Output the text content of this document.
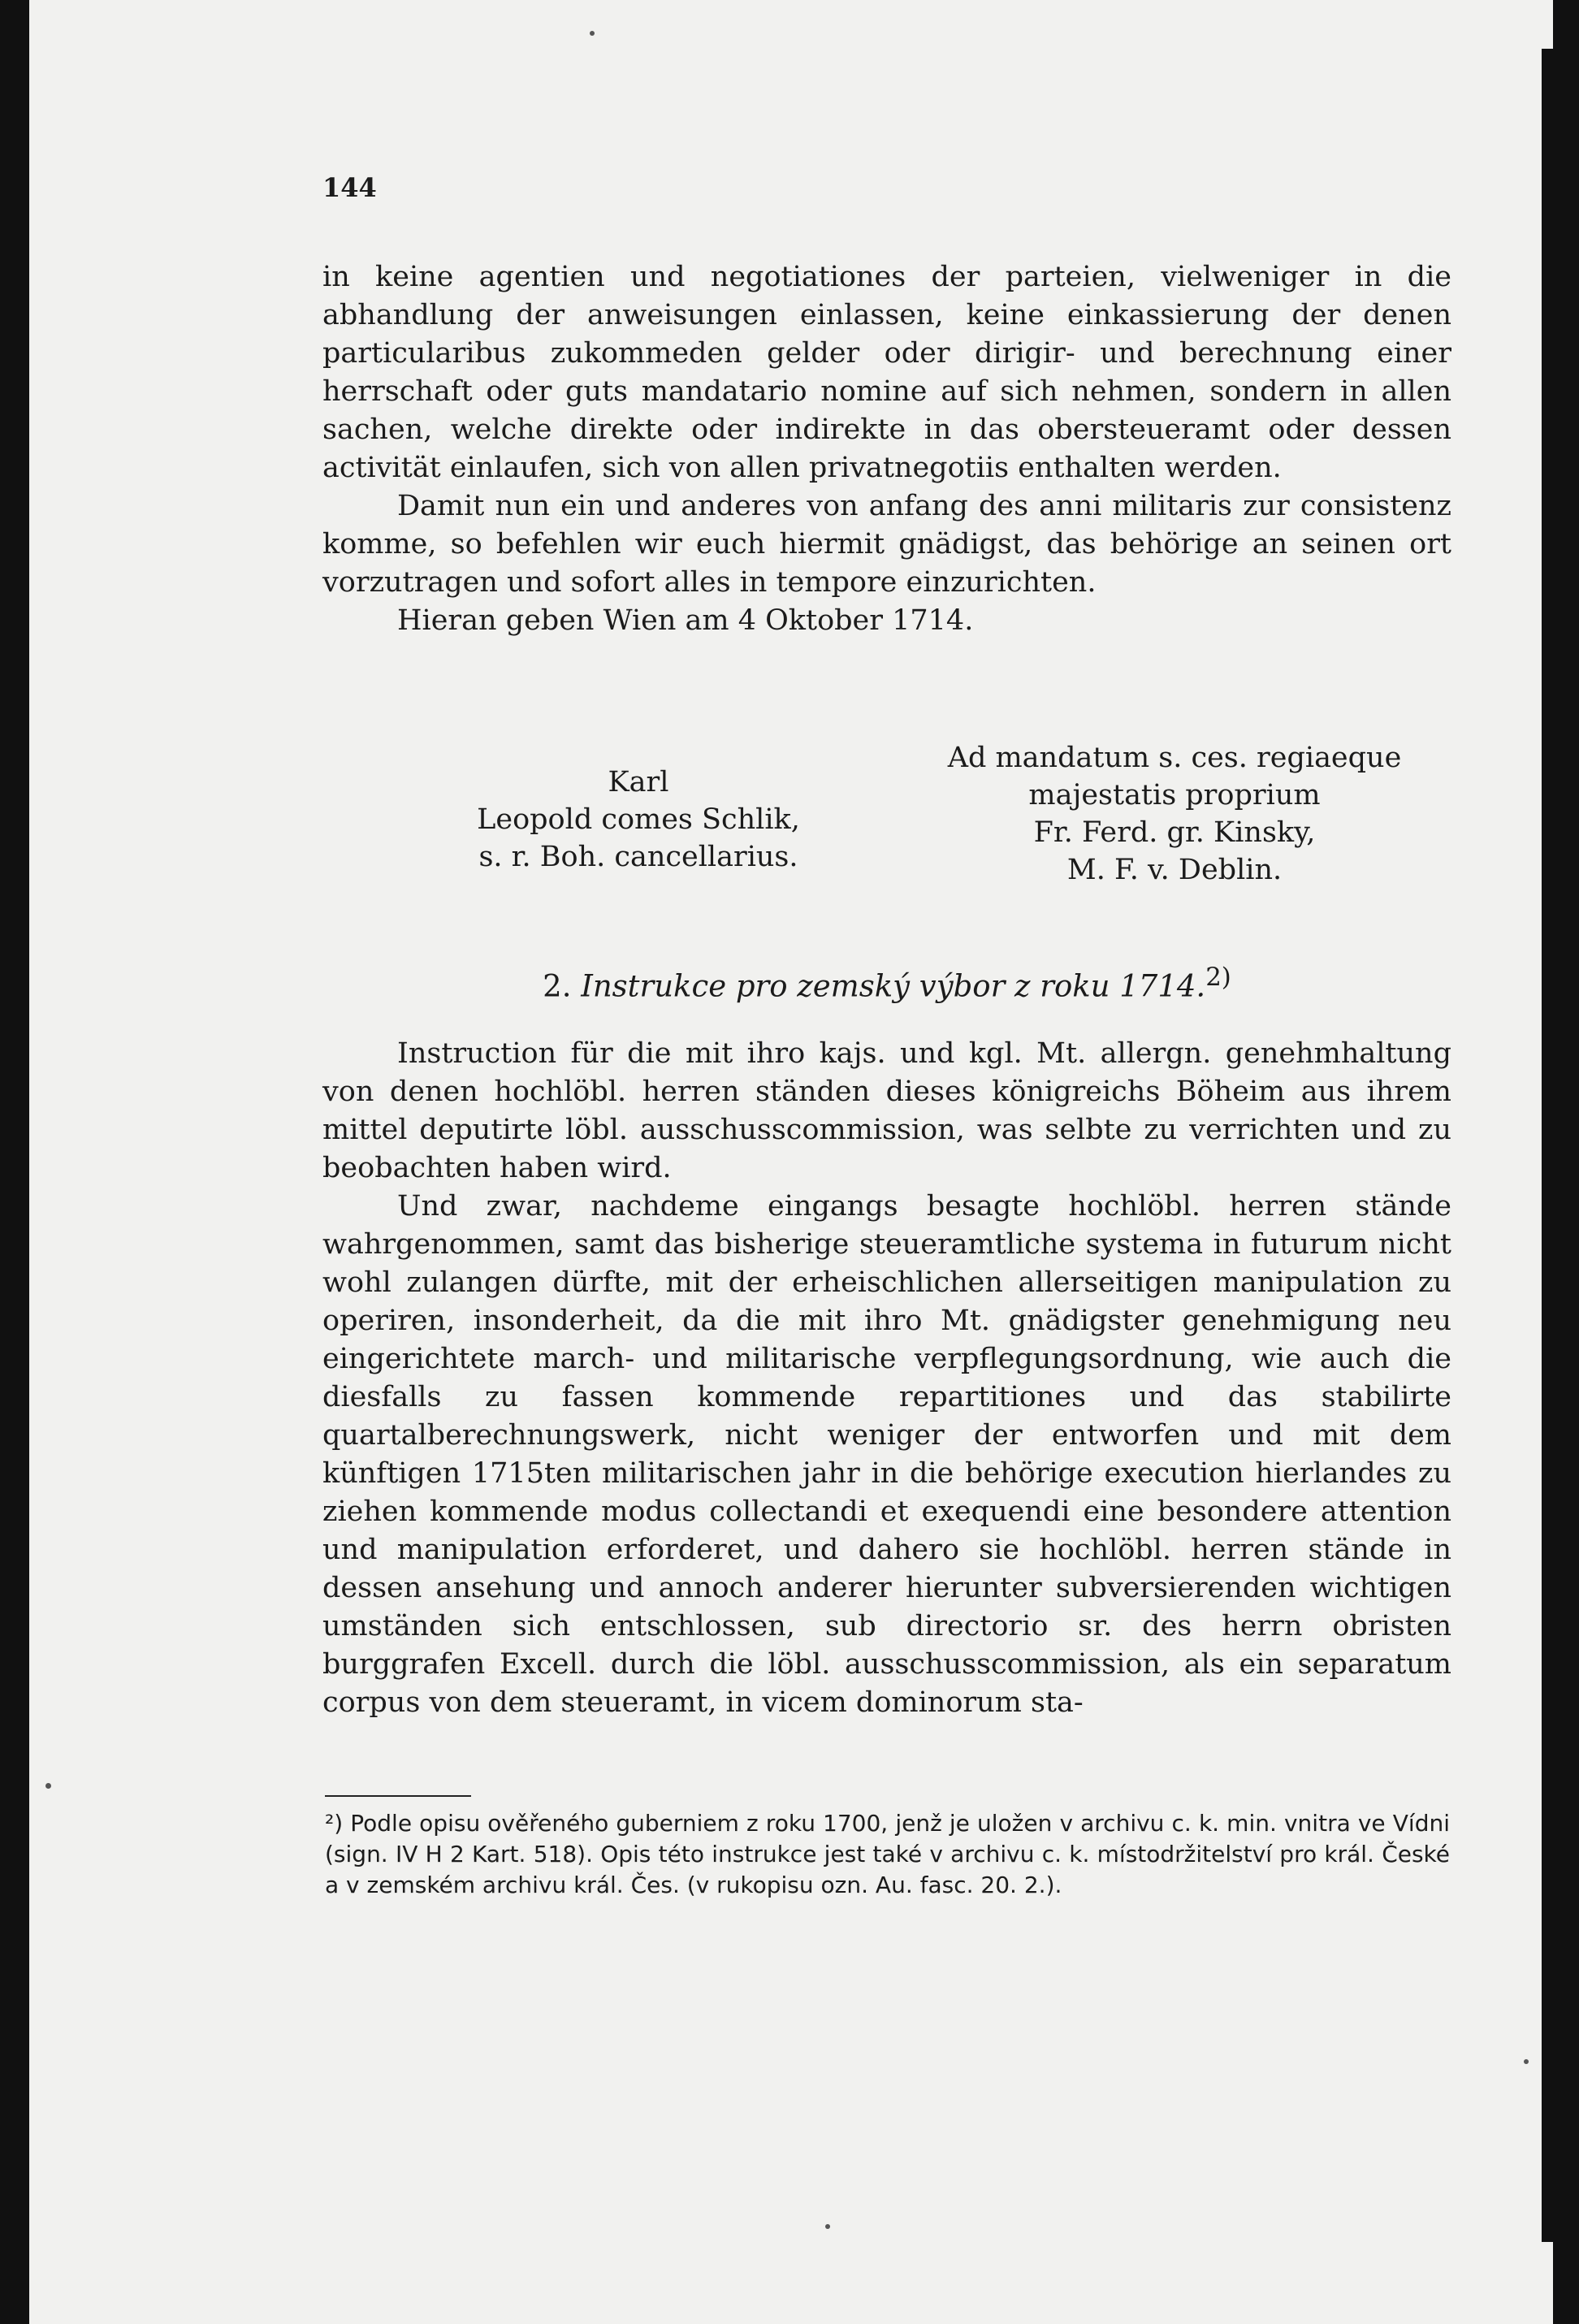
144

in keine agentien und negotiationes der parteien, vielweniger in die abhandlung der anweisungen einlassen, keine einkassierung der denen particularibus zukommeden gelder oder dirigir- und berechnung einer herrschaft oder guts mandatario nomine auf sich nehmen, sondern in allen sachen, welche direkte oder indirekte in das obersteueramt oder dessen activität einlaufen, sich von allen privatnegotiis enthalten werden.

Damit nun ein und anderes von anfang des anni militaris zur consistenz komme, so befehlen wir euch hiermit gnädigst, das behörige an seinen ort vorzutragen und sofort alles in tempore einzurichten.

Hieran geben Wien am 4 Oktober 1714.

Karl
Leopold comes Schlik,
s. r. Boh. cancellarius.
Ad mandatum s. ces. regiaeque
majestatis proprium
Fr. Ferd. gr. Kinsky,
M. F. v. Deblin.
2. Instrukce pro zemský výbor z roku 1714.$^{2)}$

Instruction für die mit ihro kajs. und kgl. Mt. allergn. genehmhaltung von denen hochlöbl. herren ständen dieses königreichs Böheim aus ihrem mittel deputirte löbl. ausschusscommission, was selbte zu verrichten und zu beobachten haben wird.

Und zwar, nachdeme eingangs besagte hochlöbl. herren stände wahrgenommen, samt das bisherige steueramtliche systema in futurum nicht wohl zulangen dürfte, mit der erheischlichen allerseitigen manipulation zu operiren, insonderheit, da die mit ihro Mt. gnädigster genehmigung neu eingerichtete march- und militarische verpflegungsordnung, wie auch die diesfalls zu fassen kommende repartitiones und das stabilirte quartalberechnungswerk, nicht weniger der entworfen und mit dem künftigen 1715ten militarischen jahr in die behörige execution hierlandes zu ziehen kommende modus collectandi et exequendi eine besondere attention und manipulation erforderet, und dahero sie hochlöbl. herren stände in dessen ansehung und annoch anderer hierunter subversierenden wichtigen umständen sich entschlossen, sub directorio sr. des herrn obristen burggrafen Excell. durch die löbl. ausschusscommission, als ein separatum corpus von dem steueramt, in vicem dominorum sta-

²) Podle opisu ověřeného guberniem z roku 1700, jenž je uložen v archivu c. k. min. vnitra ve Vídni (sign. IV H 2 Kart. 518). Opis této instrukce jest také v archivu c. k. místodržitelství pro král. České a v zemském archivu král. Čes. (v rukopisu ozn. Au. fasc. 20. 2.).
